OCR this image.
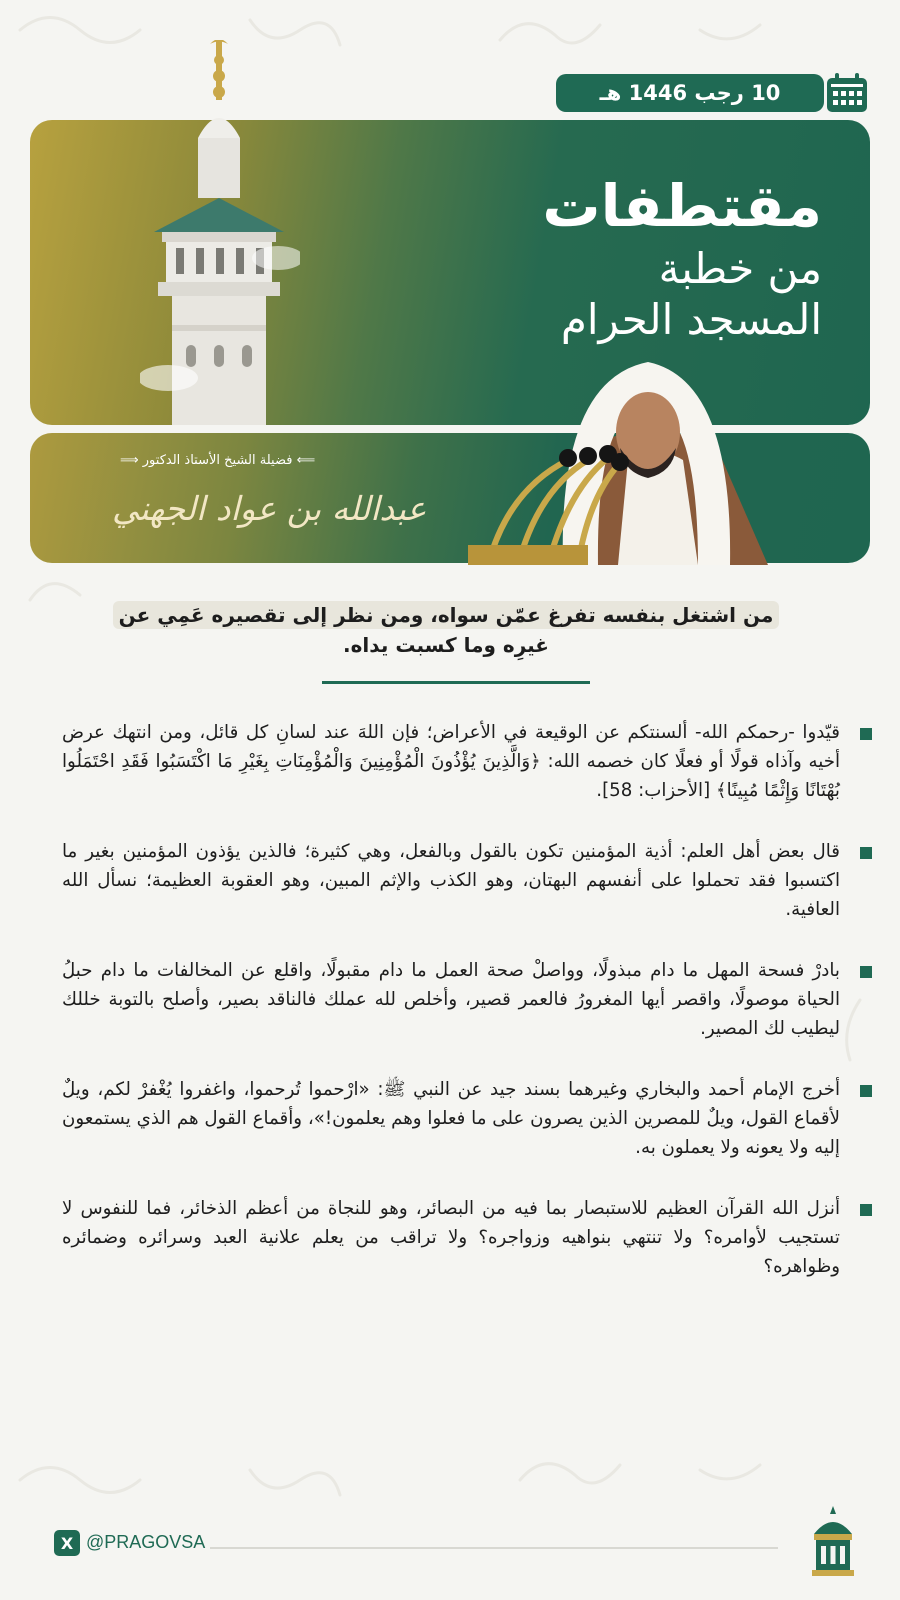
10 رجب 1446 هـ
مقتطفات
من خطبة
المسجد الحرام
⟸ فضيلة الشيخ الأستاذ الدكتور ⟹
عبدالله بن عواد الجهني
من اشتغل بنفسه تفرغ عمّن سواه، ومن نظر إلى تقصيره عَمِي عن
غيرِه وما كسبت يداه.
قيّدوا -رحمكم الله- ألسنتكم عن الوقيعة في الأعراض؛ فإن اللهَ عند لسانِ كل قائل، ومن انتهك عرض أخيه وآذاه قولًا أو فعلًا كان خصمه الله: ﴿وَالَّذِينَ يُؤْذُونَ الْمُؤْمِنِينَ وَالْمُؤْمِنَاتِ بِغَيْرِ مَا اكْتَسَبُوا فَقَدِ احْتَمَلُوا بُهْتَانًا وَإِثْمًا مُبِينًا﴾ [الأحزاب: 58].
قال بعض أهل العلم: أذية المؤمنين تكون بالقول وبالفعل، وهي كثيرة؛ فالذين يؤذون المؤمنين بغير ما اكتسبوا فقد تحملوا على أنفسهم البهتان، وهو الكذب والإثم المبين، وهو العقوبة العظيمة؛ نسأل الله العافية.
بادرْ فسحة المهل ما دام مبذولًا، وواصلْ صحة العمل ما دام مقبولًا، واقلع عن المخالفات ما دام حبلُ الحياة موصولًا، واقصر أيها المغرورُ فالعمر قصير، وأخلص لله عملك فالناقد بصير، وأصلح بالتوبة خللك ليطيب لك المصير.
أخرج الإمام أحمد والبخاري وغيرهما بسند جيد عن النبي ﷺ: «ارْحموا تُرحموا، واغفروا يُغْفرْ لكم، ويلٌ لأقماع القول، ويلٌ للمصرين الذين يصرون على ما فعلوا وهم يعلمون!»، وأقماع القول هم الذي يستمعون إليه ولا يعونه ولا يعملون به.
أنزل الله القرآن العظيم للاستبصار بما فيه من البصائر، وهو للنجاة من أعظم الذخائر، فما للنفوس لا تستجيب لأوامره؟ ولا تنتهي بنواهيه وزواجره؟ ولا تراقب من يعلم علانية العبد وسرائره وضمائره وظواهره؟
X @PRAGOVSA
